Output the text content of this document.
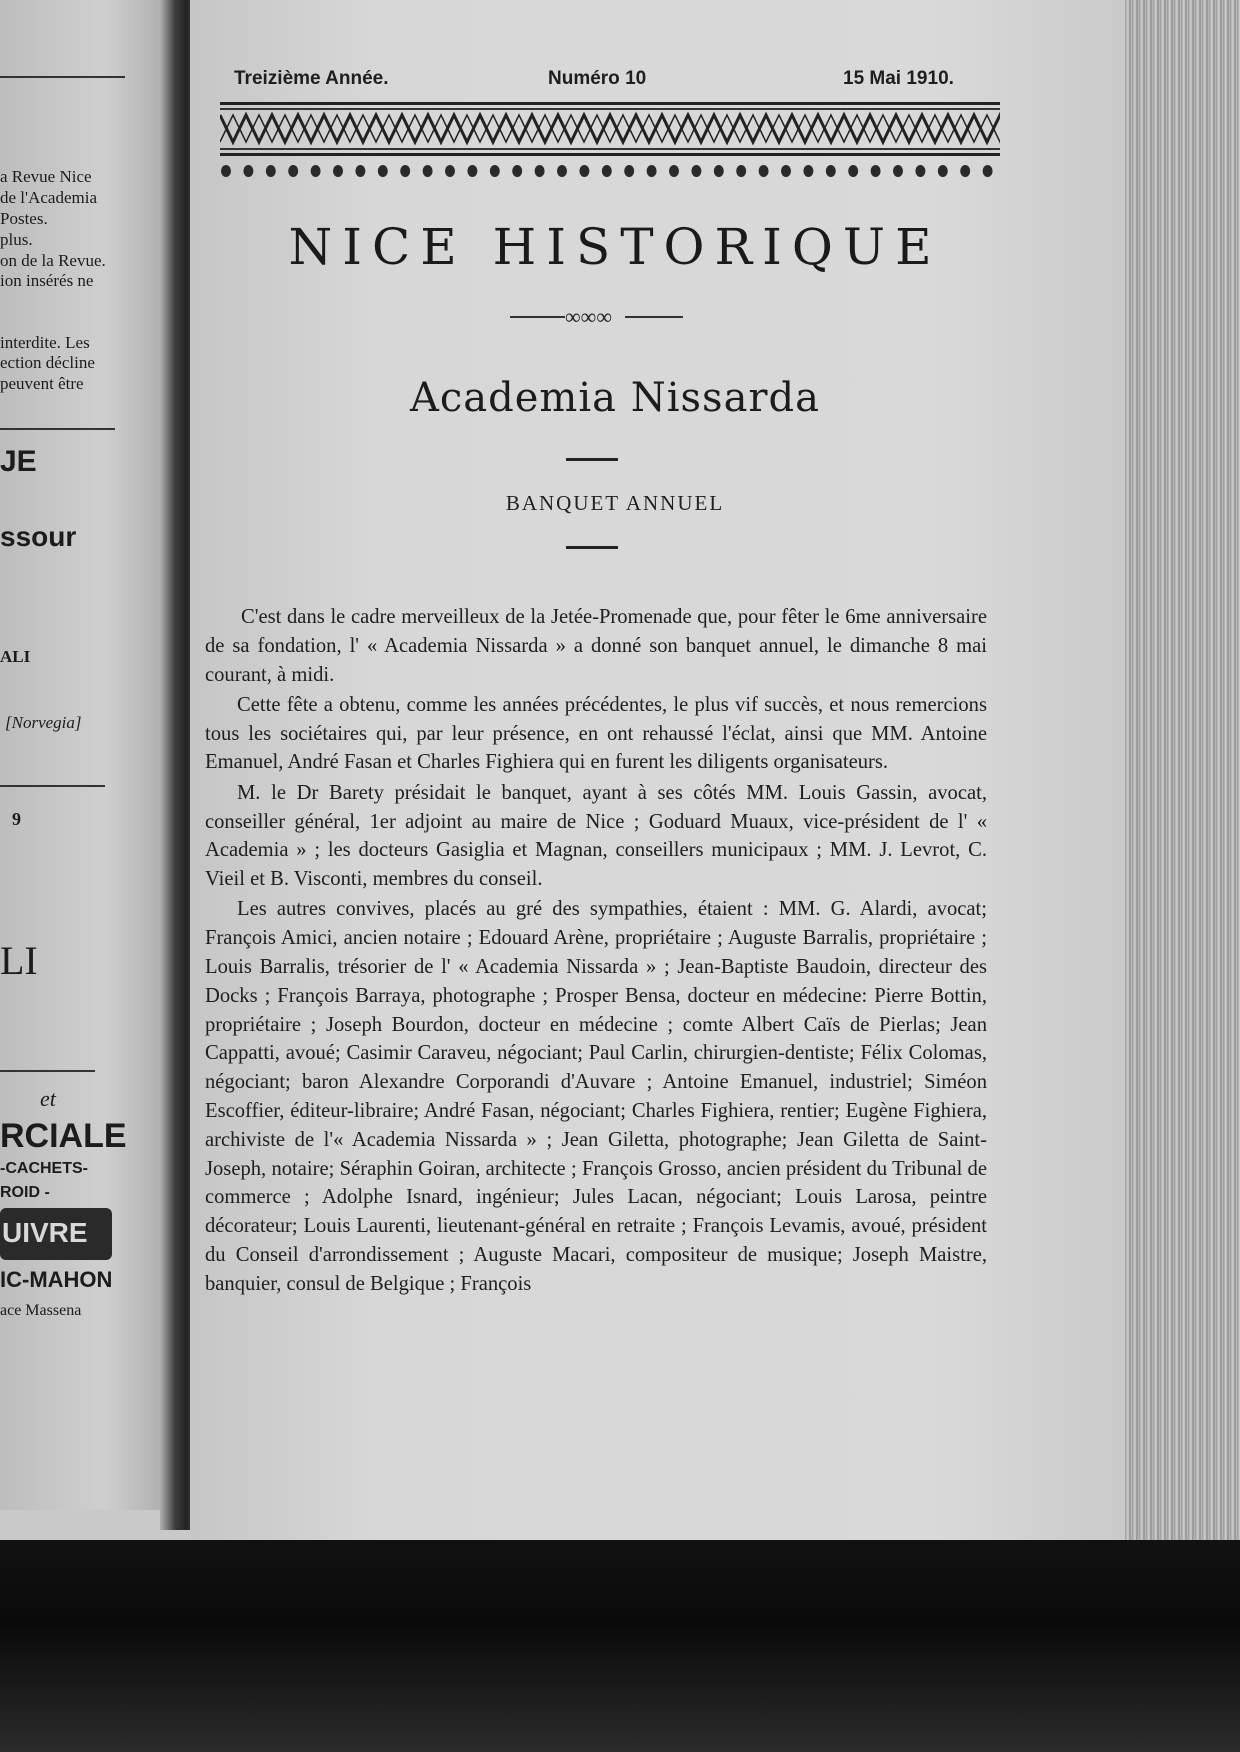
a Revue Nice
de l'Academia
Postes.
plus.
on de la Revue.
ion insérés ne
interdite. Les
ection décline
peuvent être
JE
ssour
ALI
[Norvegia]
9
LI
et
RCIALE
-CACHETS-
ROID -
UIVRE
IC-MAHON
ace Massena
Treizième Année.	Numéro 10	15 Mai 1910.
NICE HISTORIQUE
∞∞∞
Academia Nissarda
BANQUET ANNUEL

C'est dans le cadre merveilleux de la Jetée-Promenade que, pour fêter le 6me anniversaire de sa fondation, l' « Academia Nissarda » a donné son banquet annuel, le dimanche 8 mai courant, à midi.

Cette fête a obtenu, comme les années précédentes, le plus vif succès, et nous remercions tous les sociétaires qui, par leur présence, en ont rehaussé l'éclat, ainsi que MM. Antoine Emanuel, André Fasan et Charles Fighiera qui en furent les diligents organisateurs.

M. le Dr Barety présidait le banquet, ayant à ses côtés MM. Louis Gassin, avocat, conseiller général, 1er adjoint au maire de Nice ; Goduard Muaux, vice-président de l' « Academia » ; les docteurs Gasiglia et Magnan, conseillers municipaux ; MM. J. Levrot, C. Vieil et B. Visconti, membres du conseil.

Les autres convives, placés au gré des sympathies, étaient : MM. G. Alardi, avocat; François Amici, ancien notaire ; Edouard Arène, propriétaire ; Auguste Barralis, propriétaire ; Louis Barralis, trésorier de l' « Academia Nissarda » ; Jean-Baptiste Baudoin, directeur des Docks ; François Barraya, photographe ; Prosper Bensa, docteur en médecine: Pierre Bottin, propriétaire ; Joseph Bourdon, docteur en médecine ; comte Albert Caïs de Pierlas; Jean Cappatti, avoué; Casimir Caraveu, négociant; Paul Carlin, chirurgien-dentiste; Félix Colomas, négociant; baron Alexandre Corporandi d'Auvare ; Antoine Emanuel, industriel; Siméon Escoffier, éditeur-libraire; André Fasan, négociant; Charles Fighiera, rentier; Eugène Fighiera, archiviste de l'« Academia Nissarda » ; Jean Giletta, photographe; Jean Giletta de Saint-Joseph, notaire; Séraphin Goiran, architecte ; François Grosso, ancien président du Tribunal de commerce ; Adolphe Isnard, ingénieur; Jules Lacan, négociant; Louis Larosa, peintre décorateur; Louis Laurenti, lieutenant-général en retraite ; François Levamis, avoué, président du Conseil d'arrondissement ; Auguste Macari, compositeur de musique; Joseph Maistre, banquier, consul de Belgique ; François
